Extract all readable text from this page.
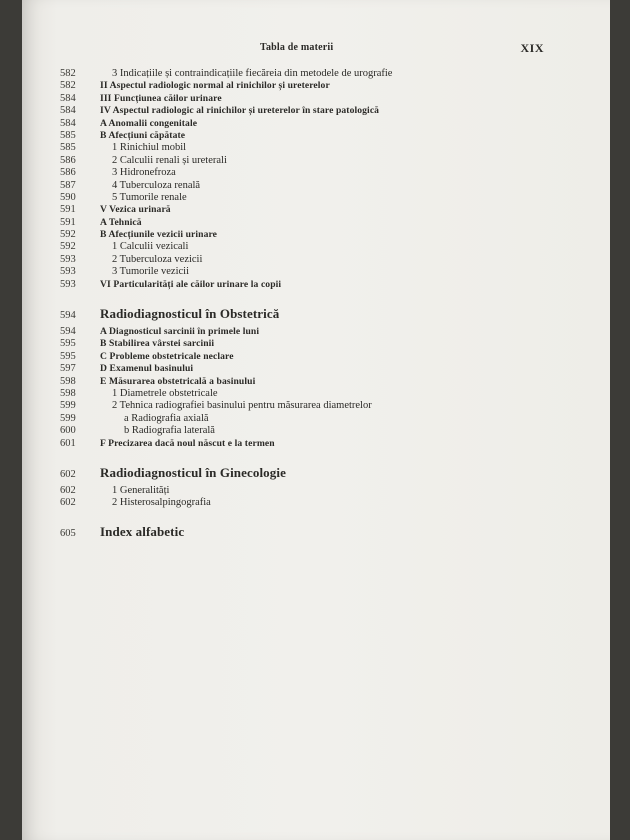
Tabla de materii	XIX
582	3 Indicațiile și contraindicațiile fiecăreia din metodele de urografie
582	II Aspectul radiologic normal al rinichilor și ureterelor
584	III Funcțiunea căilor urinare
584	IV Aspectul radiologic al rinichilor și ureterelor în stare patologică
584	A Anomalii congenitale
585	B Afecțiuni căpătate
585	1 Rinichiul mobil
586	2 Calculii renali și ureterali
586	3 Hidronefroza
587	4 Tuberculoza renală
590	5 Tumorile renale
591	V Vezica urinară
591	A Tehnică
592	B Afecțiunile vezicii urinare
592	1 Calculii vezicali
593	2 Tuberculoza vezicii
593	3 Tumorile vezicii
593	VI Particularități ale căilor urinare la copii
594	Radiodiagnosticul în Obstetrică
594	A Diagnosticul sarcinii în primele luni
595	B Stabilirea vârstei sarcinii
595	C Probleme obstetricale neclare
597	D Examenul basinului
598	E Măsurarea obstetricală a basinului
598	1 Diametrele obstetricale
599	2 Tehnica radiografiei basinului pentru măsurarea diametrelor
599	a Radiografia axială
600	b Radiografia laterală
601	F Precizarea dacă noul născut e la termen
602	Radiodiagnosticul în Ginecologie
602	1 Generalități
602	2 Histerosalpingografia
605	Index alfabetic
